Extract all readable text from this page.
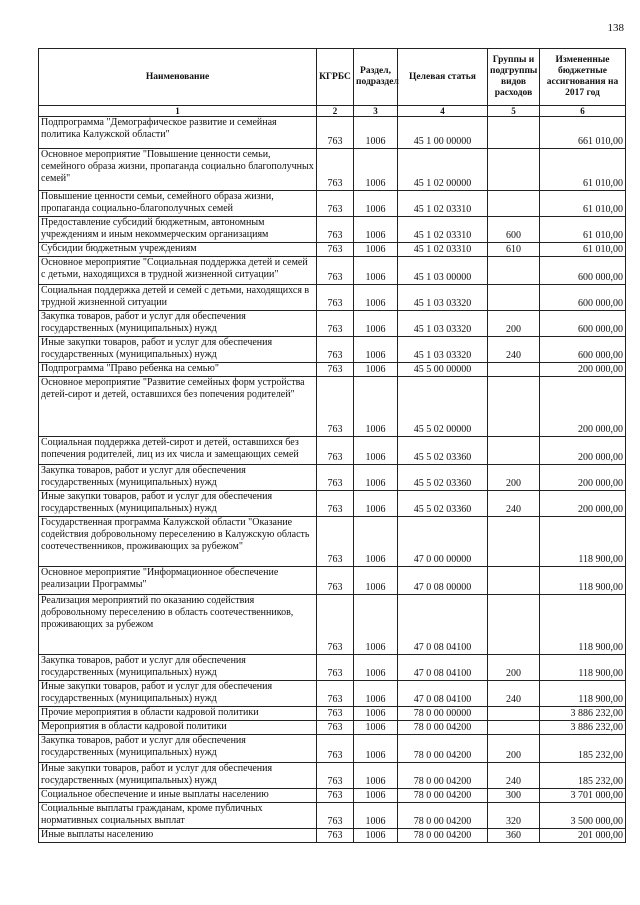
138
Наименование	КГРБС	Раздел, подраздел	Целевая статья	Группы и подгруппы видов расходов	Измененные бюджетные ассигнования на 2017 год
1	2	3	4	5	6
Подпрограмма "Демографическое развитие и семейная политика Калужской области"	763	1006	45 1 00 00000		661 010,00
Основное мероприятие "Повышение ценности семьи, семейного образа жизни, пропаганда социально благополучных семей"	763	1006	45 1 02 00000		61 010,00
Повышение ценности семьи, семейного образа жизни, пропаганда социально-благополучных семей	763	1006	45 1 02 03310		61 010,00
Предоставление субсидий бюджетным, автономным учреждениям и иным некоммерческим организациям	763	1006	45 1 02 03310	600	61 010,00
Субсидии бюджетным учреждениям	763	1006	45 1 02 03310	610	61 010,00
Основное мероприятие "Социальная поддержка детей и семей с детьми, находящихся в трудной жизненной ситуации"	763	1006	45 1 03 00000		600 000,00
Социальная поддержка детей и семей с детьми, находящихся в трудной жизненной ситуации	763	1006	45 1 03 03320		600 000,00
Закупка товаров, работ и услуг для обеспечения государственных (муниципальных) нужд	763	1006	45 1 03 03320	200	600 000,00
Иные закупки товаров, работ и услуг для обеспечения государственных (муниципальных) нужд	763	1006	45 1 03 03320	240	600 000,00
Подпрограмма "Право ребенка на семью"	763	1006	45 5 00 00000		200 000,00
Основное мероприятие "Развитие семейных форм устройства детей-сирот и детей, оставшихся без попечения родителей"	763	1006	45 5 02 00000		200 000,00
Социальная поддержка детей-сирот и детей, оставшихся без попечения родителей, лиц из их числа и замещающих семей	763	1006	45 5 02 03360		200 000,00
Закупка товаров, работ и услуг для обеспечения государственных (муниципальных) нужд	763	1006	45 5 02 03360	200	200 000,00
Иные закупки товаров, работ и услуг для обеспечения государственных (муниципальных) нужд	763	1006	45 5 02 03360	240	200 000,00
Государственная программа Калужской области "Оказание содействия добровольному переселению в Калужскую область соотечественников, проживающих за рубежом"	763	1006	47 0 00 00000		118 900,00
Основное мероприятие "Информационное обеспечение реализации Программы"	763	1006	47 0 08 00000		118 900,00
Реализация мероприятий по оказанию содействия добровольному переселению в область соотечественников, проживающих за рубежом	763	1006	47 0 08 04100		118 900,00
Закупка товаров, работ и услуг для обеспечения государственных (муниципальных) нужд	763	1006	47 0 08 04100	200	118 900,00
Иные закупки товаров, работ и услуг для обеспечения государственных (муниципальных) нужд	763	1006	47 0 08 04100	240	118 900,00
Прочие мероприятия в области кадровой политики	763	1006	78 0 00 00000		3 886 232,00
Мероприятия в области кадровой политики	763	1006	78 0 00 04200		3 886 232,00
Закупка товаров, работ и услуг для обеспечения государственных (муниципальных) нужд	763	1006	78 0 00 04200	200	185 232,00
Иные закупки товаров, работ и услуг для обеспечения государственных (муниципальных) нужд	763	1006	78 0 00 04200	240	185 232,00
Социальное обеспечение и иные выплаты населению	763	1006	78 0 00 04200	300	3 701 000,00
Социальные выплаты гражданам, кроме публичных нормативных социальных выплат	763	1006	78 0 00 04200	320	3 500 000,00
Иные выплаты населению	763	1006	78 0 00 04200	360	201 000,00
